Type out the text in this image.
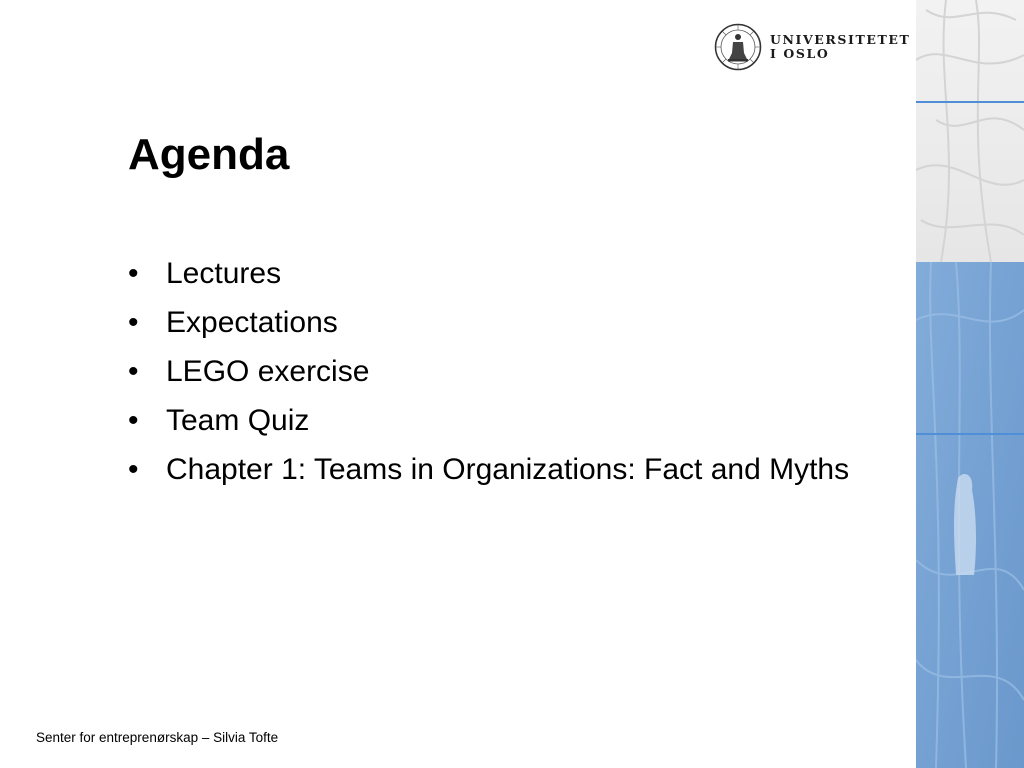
UNIVERSITETET
I OSLO
Agenda
• Lectures
• Expectations
• LEGO exercise
• Team Quiz
• Chapter 1: Teams in Organizations: Fact and Myths
Senter for entreprenørskap – Silvia Tofte
